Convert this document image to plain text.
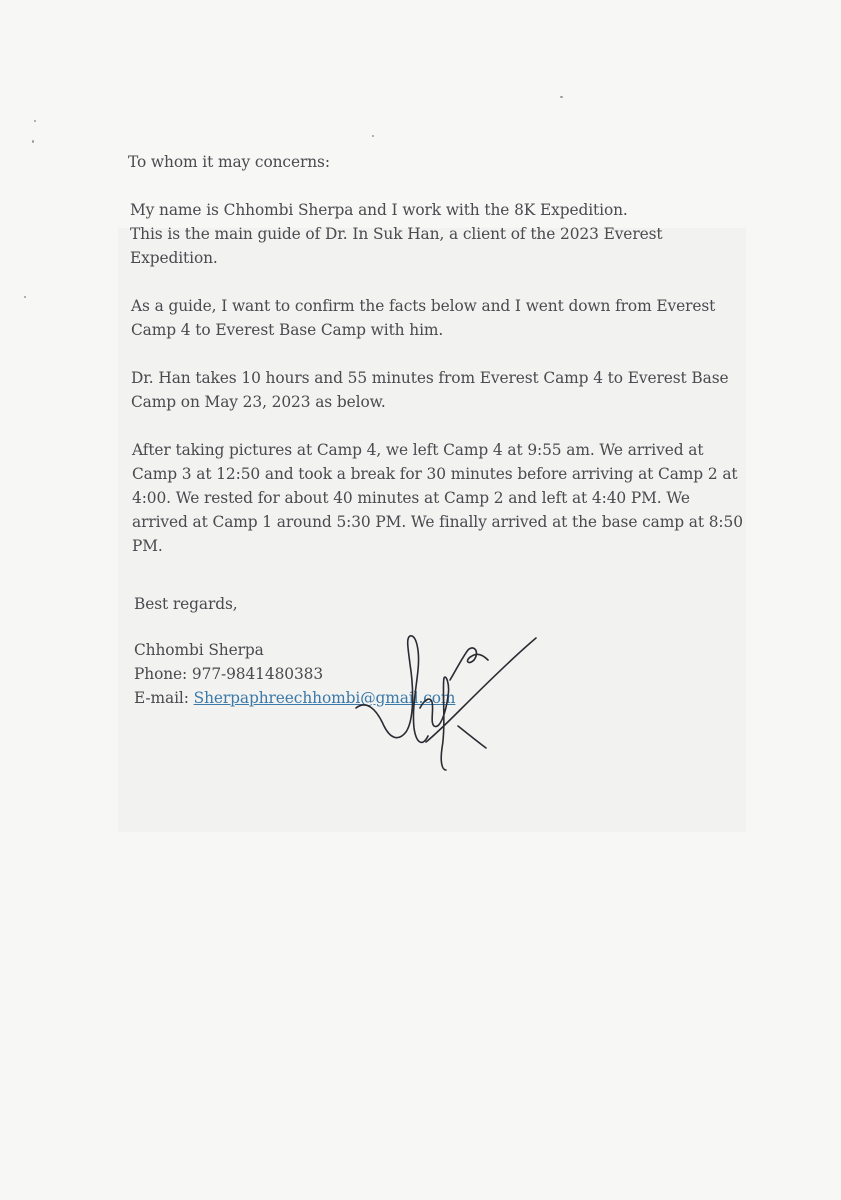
To whom it may concerns:
My name is Chhombi Sherpa and I work with the 8K Expedition.
This is the main guide of Dr. In Suk Han, a client of the 2023 Everest
Expedition.
As a guide, I want to confirm the facts below and I went down from Everest
Camp 4 to Everest Base Camp with him.
Dr. Han takes 10 hours and 55 minutes from Everest Camp 4 to Everest Base
Camp on May 23, 2023 as below.
After taking pictures at Camp 4, we left Camp 4 at 9:55 am. We arrived at
Camp 3 at 12:50 and took a break for 30 minutes before arriving at Camp 2 at
4:00. We rested for about 40 minutes at Camp 2 and left at 4:40 PM. We
arrived at Camp 1 around 5:30 PM. We finally arrived at the base camp at 8:50
PM.
Best regards,
Chhombi Sherpa
Phone: 977-9841480383
E-mail: Sherpaphreechhombi@gmail.com
